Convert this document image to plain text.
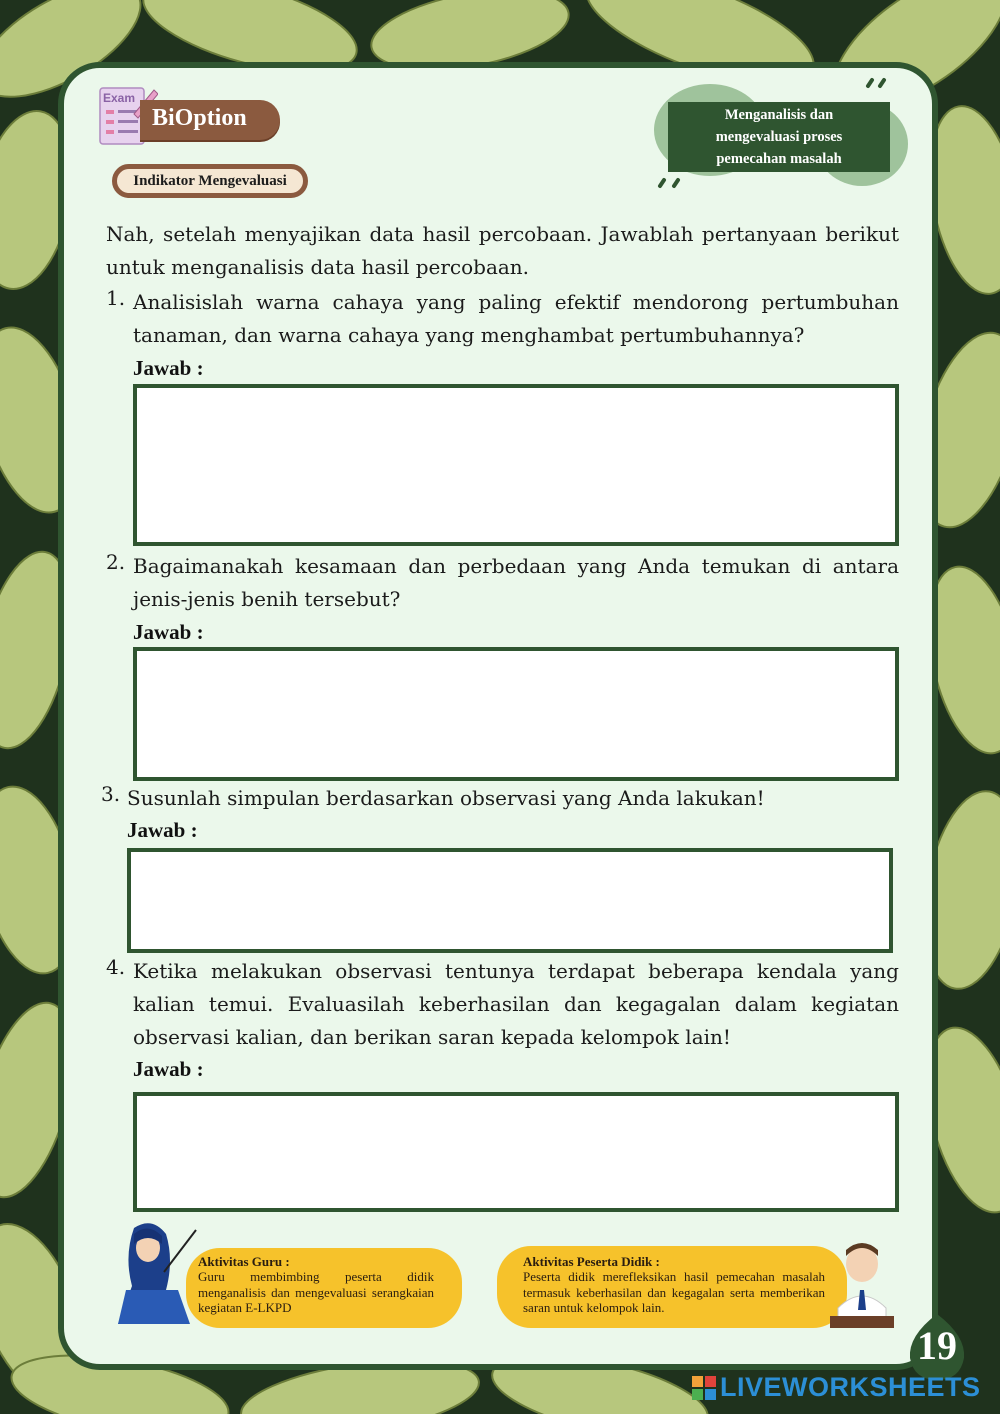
Exam
BiOption
Indikator Mengevaluasi
Menganalisis dan
mengevaluasi proses
pemecahan masalah
Nah, setelah menyajikan data hasil percobaan. Jawablah pertanyaan berikut untuk menganalisis data hasil percobaan.
1. Analisislah warna cahaya yang paling efektif mendorong pertumbuhan tanaman, dan warna cahaya yang menghambat pertumbuhannya?
Jawab :
2. Bagaimanakah kesamaan dan perbedaan yang Anda temukan di antara jenis-jenis benih tersebut?
Jawab :
3. Susunlah simpulan berdasarkan observasi yang Anda lakukan!
Jawab :
4. Ketika melakukan observasi tentunya terdapat beberapa kendala yang kalian temui. Evaluasilah keberhasilan dan kegagalan dalam kegiatan observasi kalian, dan berikan saran kepada kelompok lain!
Jawab :
Aktivitas Guru :
Guru membimbing peserta didik menganalisis dan mengevaluasi serangkaian kegiatan E-LKPD
Aktivitas Peserta Didik :
Peserta didik merefleksikan hasil pemecahan masalah termasuk keberhasilan dan kegagalan serta memberikan saran untuk kelompok lain.
19
LIVEWORKSHEETS
